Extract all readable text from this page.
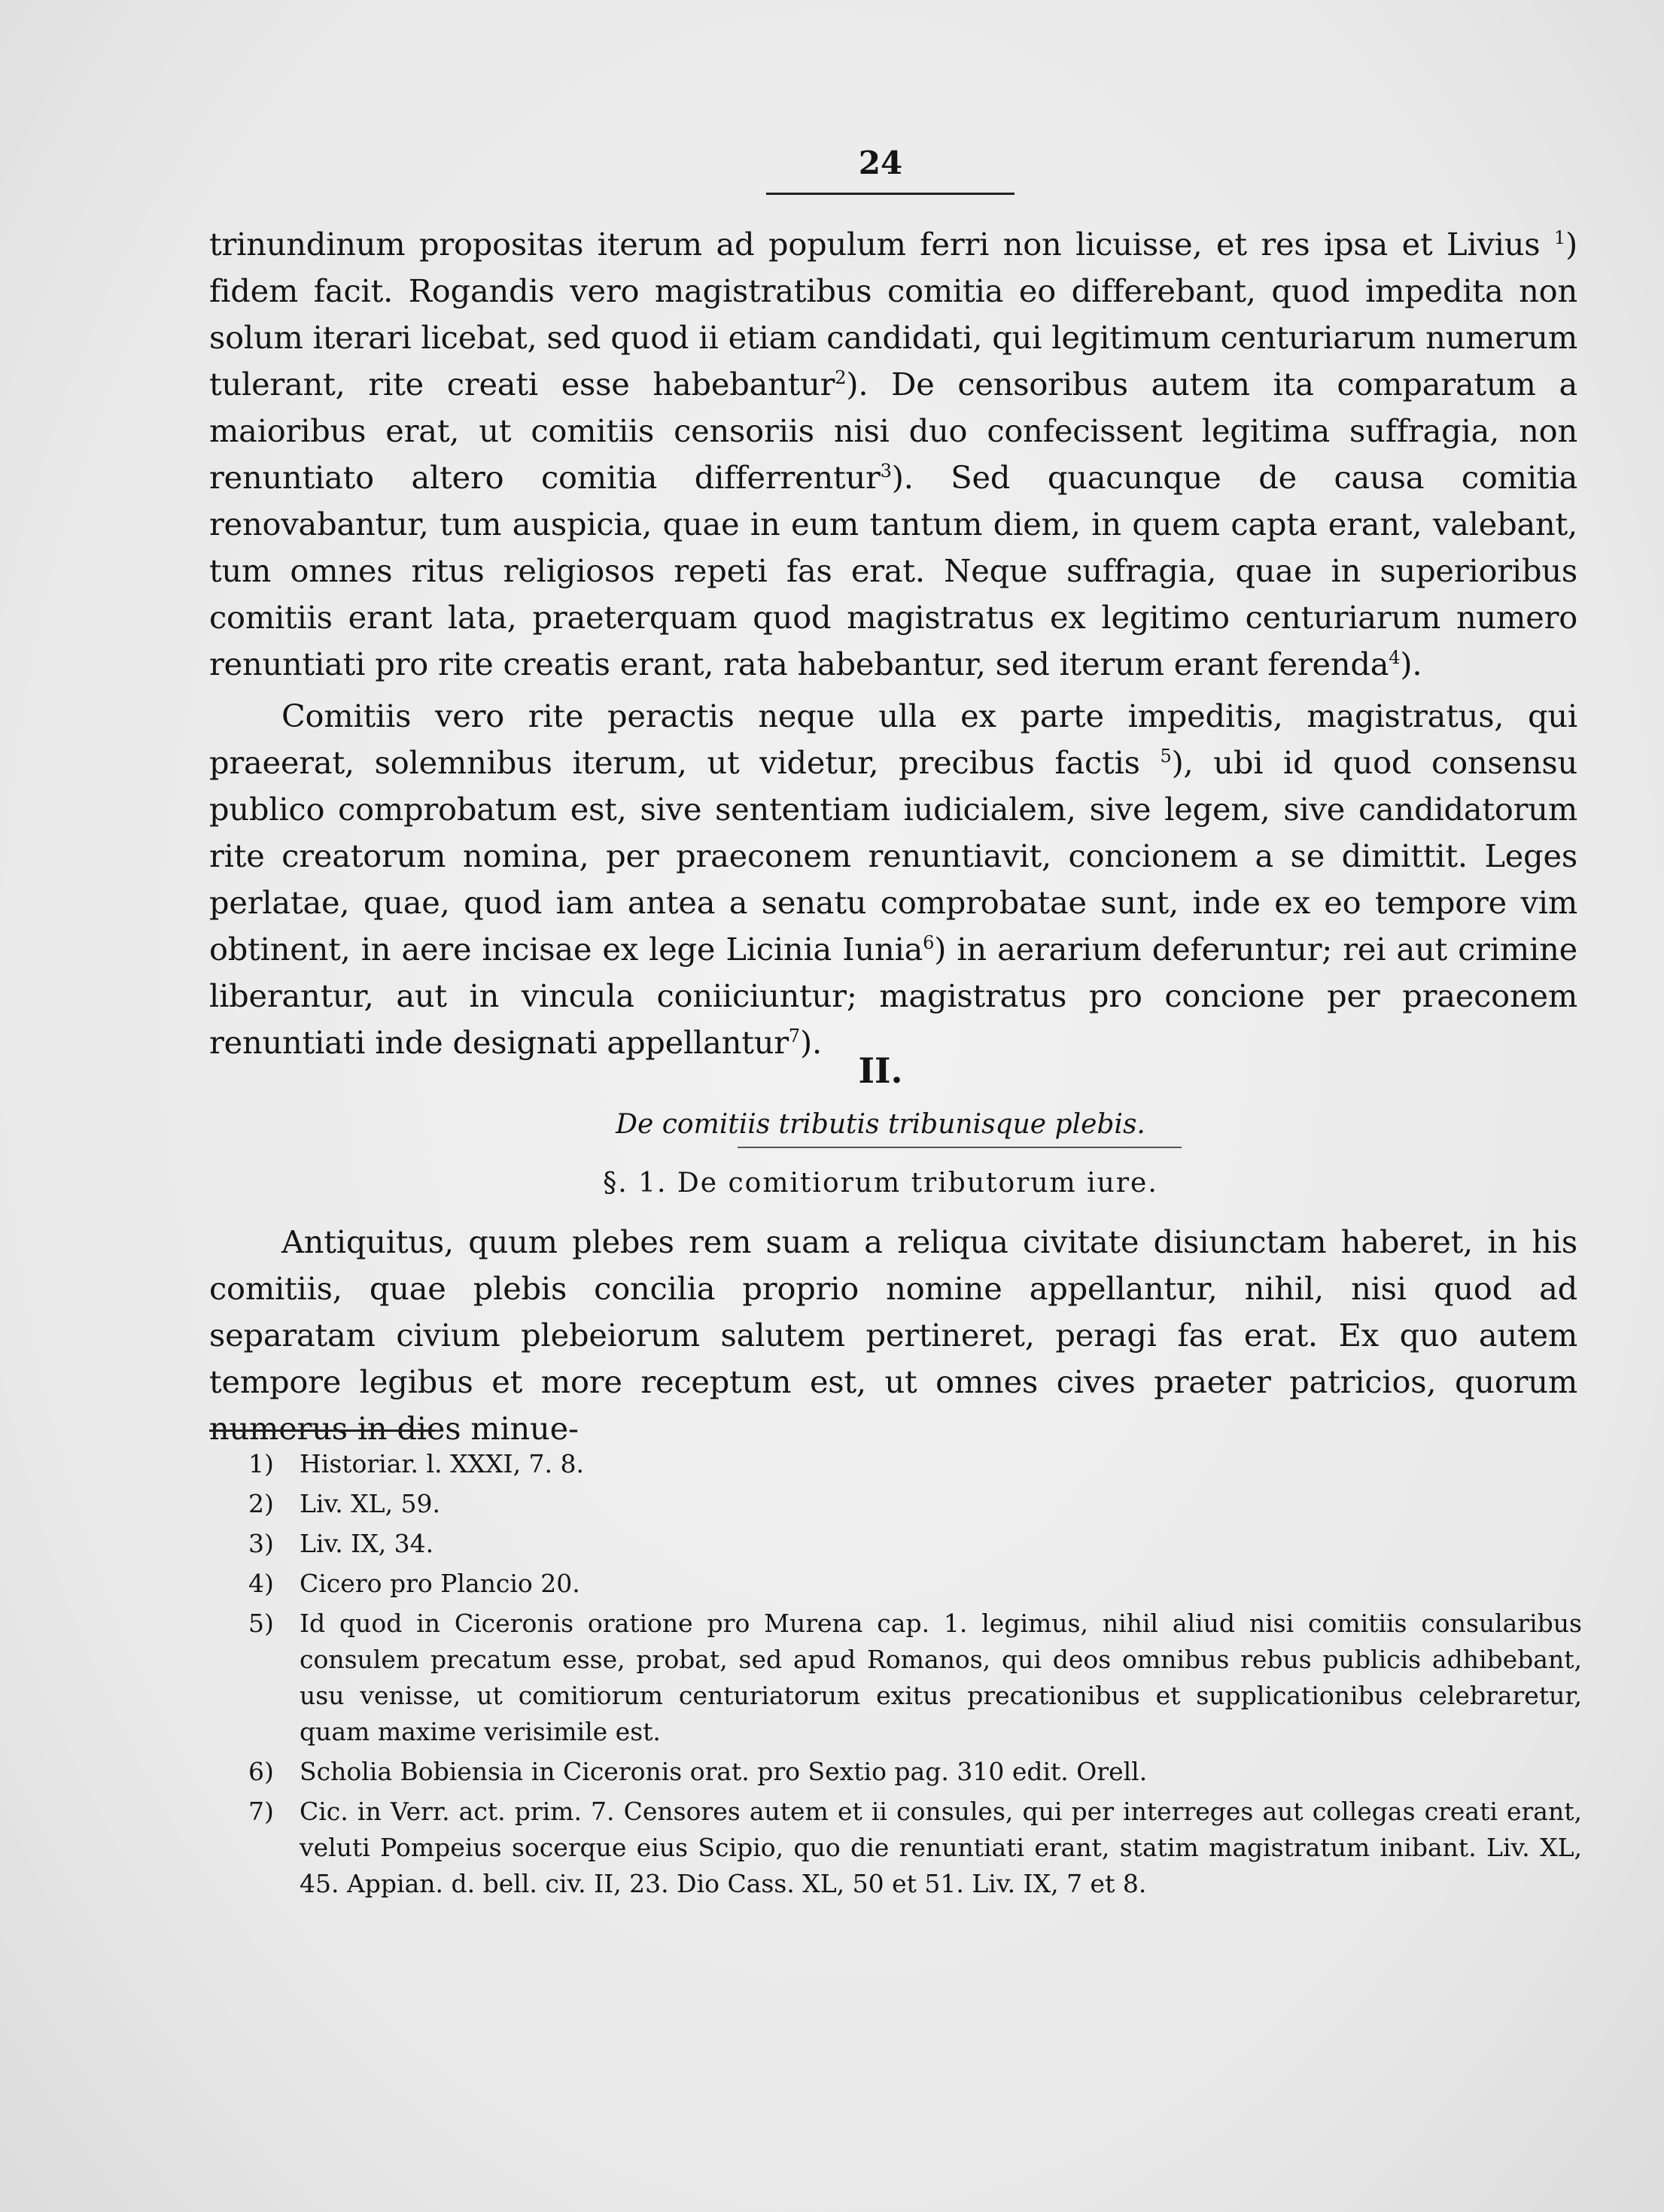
24

trinundinum propositas iterum ad populum ferri non licuisse, et res ipsa et Livius $^1$) fidem facit. Rogandis vero magistratibus comitia eo differebant, quod impedita non solum iterari licebat, sed quod ii etiam candidati, qui legitimum centuriarum numerum tulerant, rite creati esse habebantur$^2$). De censoribus autem ita comparatum a maioribus erat, ut comitiis censoriis nisi duo confecissent legitima suffragia, non renuntiato altero comitia differrentur$^3$). Sed quacunque de causa comitia renovabantur, tum auspicia, quae in eum tantum diem, in quem capta erant, valebant, tum omnes ritus religiosos repeti fas erat. Neque suffragia, quae in superioribus comitiis erant lata, praeterquam quod magistratus ex legitimo centuriarum numero renuntiati pro rite creatis erant, rata habebantur, sed iterum erant ferenda$^4$).

Comitiis vero rite peractis neque ulla ex parte impeditis, magistratus, qui praeerat, solemnibus iterum, ut videtur, precibus factis $^5$), ubi id quod consensu publico comprobatum est, sive sententiam iudicialem, sive legem, sive candidatorum rite creatorum nomina, per praeconem renuntiavit, concionem a se dimittit. Leges perlatae, quae, quod iam antea a senatu comprobatae sunt, inde ex eo tempore vim obtinent, in aere incisae ex lege Licinia Iunia$^6$) in aerarium deferuntur; rei aut crimine liberantur, aut in vincula coniiciuntur; magistratus pro concione per praeconem renuntiati inde designati appellantur$^7$).

II.
De comitiis tributis tribunisque plebis.
§. 1. De comitiorum tributorum iure.

Antiquitus, quum plebes rem suam a reliqua civitate disiunctam haberet, in his comitiis, quae plebis concilia proprio nomine appellantur, nihil, nisi quod ad separatam civium plebeiorum salutem pertineret, peragi fas erat. Ex quo autem tempore legibus et more receptum est, ut omnes cives praeter patricios, quorum numerus in dies minue-

1)	Historiar. l. XXXI, 7. 8.
2)	Liv. XL, 59.
3)	Liv. IX, 34.
4)	Cicero pro Plancio 20.
5)	Id quod in Ciceronis oratione pro Murena cap. 1. legimus, nihil aliud nisi comitiis consularibus consulem precatum esse, probat, sed apud Romanos, qui deos omnibus rebus publicis adhibebant, usu venisse, ut comitiorum centuriatorum exitus precationibus et supplicationibus celebraretur, quam maxime verisimile est.
6)	Scholia Bobiensia in Ciceronis orat. pro Sextio pag. 310 edit. Orell.
7)	Cic. in Verr. act. prim. 7. Censores autem et ii consules, qui per interreges aut collegas creati erant, veluti Pompeius socerque eius Scipio, quo die renuntiati erant, statim magistratum inibant. Liv. XL, 45. Appian. d. bell. civ. II, 23. Dio Cass. XL, 50 et 51. Liv. IX, 7 et 8.
